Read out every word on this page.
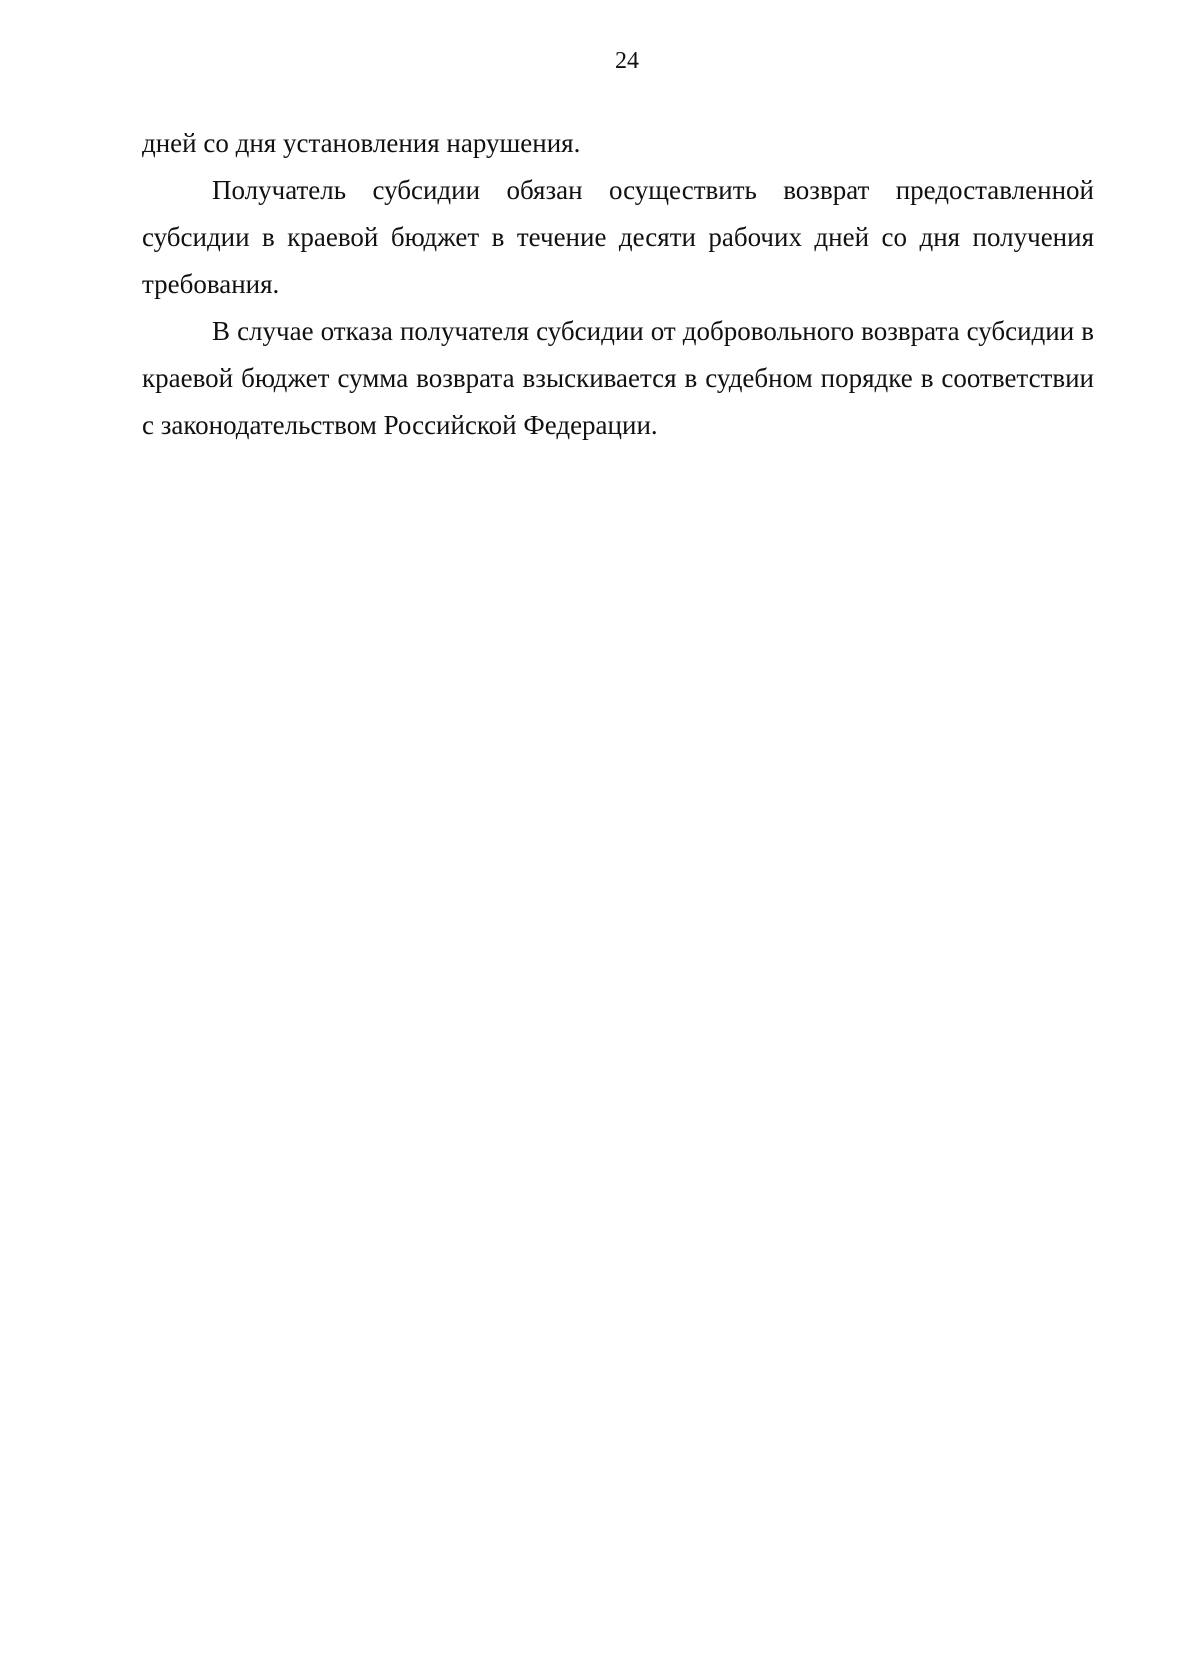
24

дней со дня установления нарушения.

Получатель субсидии обязан осуществить возврат предоставленной субсидии в краевой бюджет в течение десяти рабочих дней со дня получения требования.

В случае отказа получателя субсидии от добровольного возврата субсидии в краевой бюджет сумма возврата взыскивается в судебном порядке в соответствии с законодательством Российской Федерации.
